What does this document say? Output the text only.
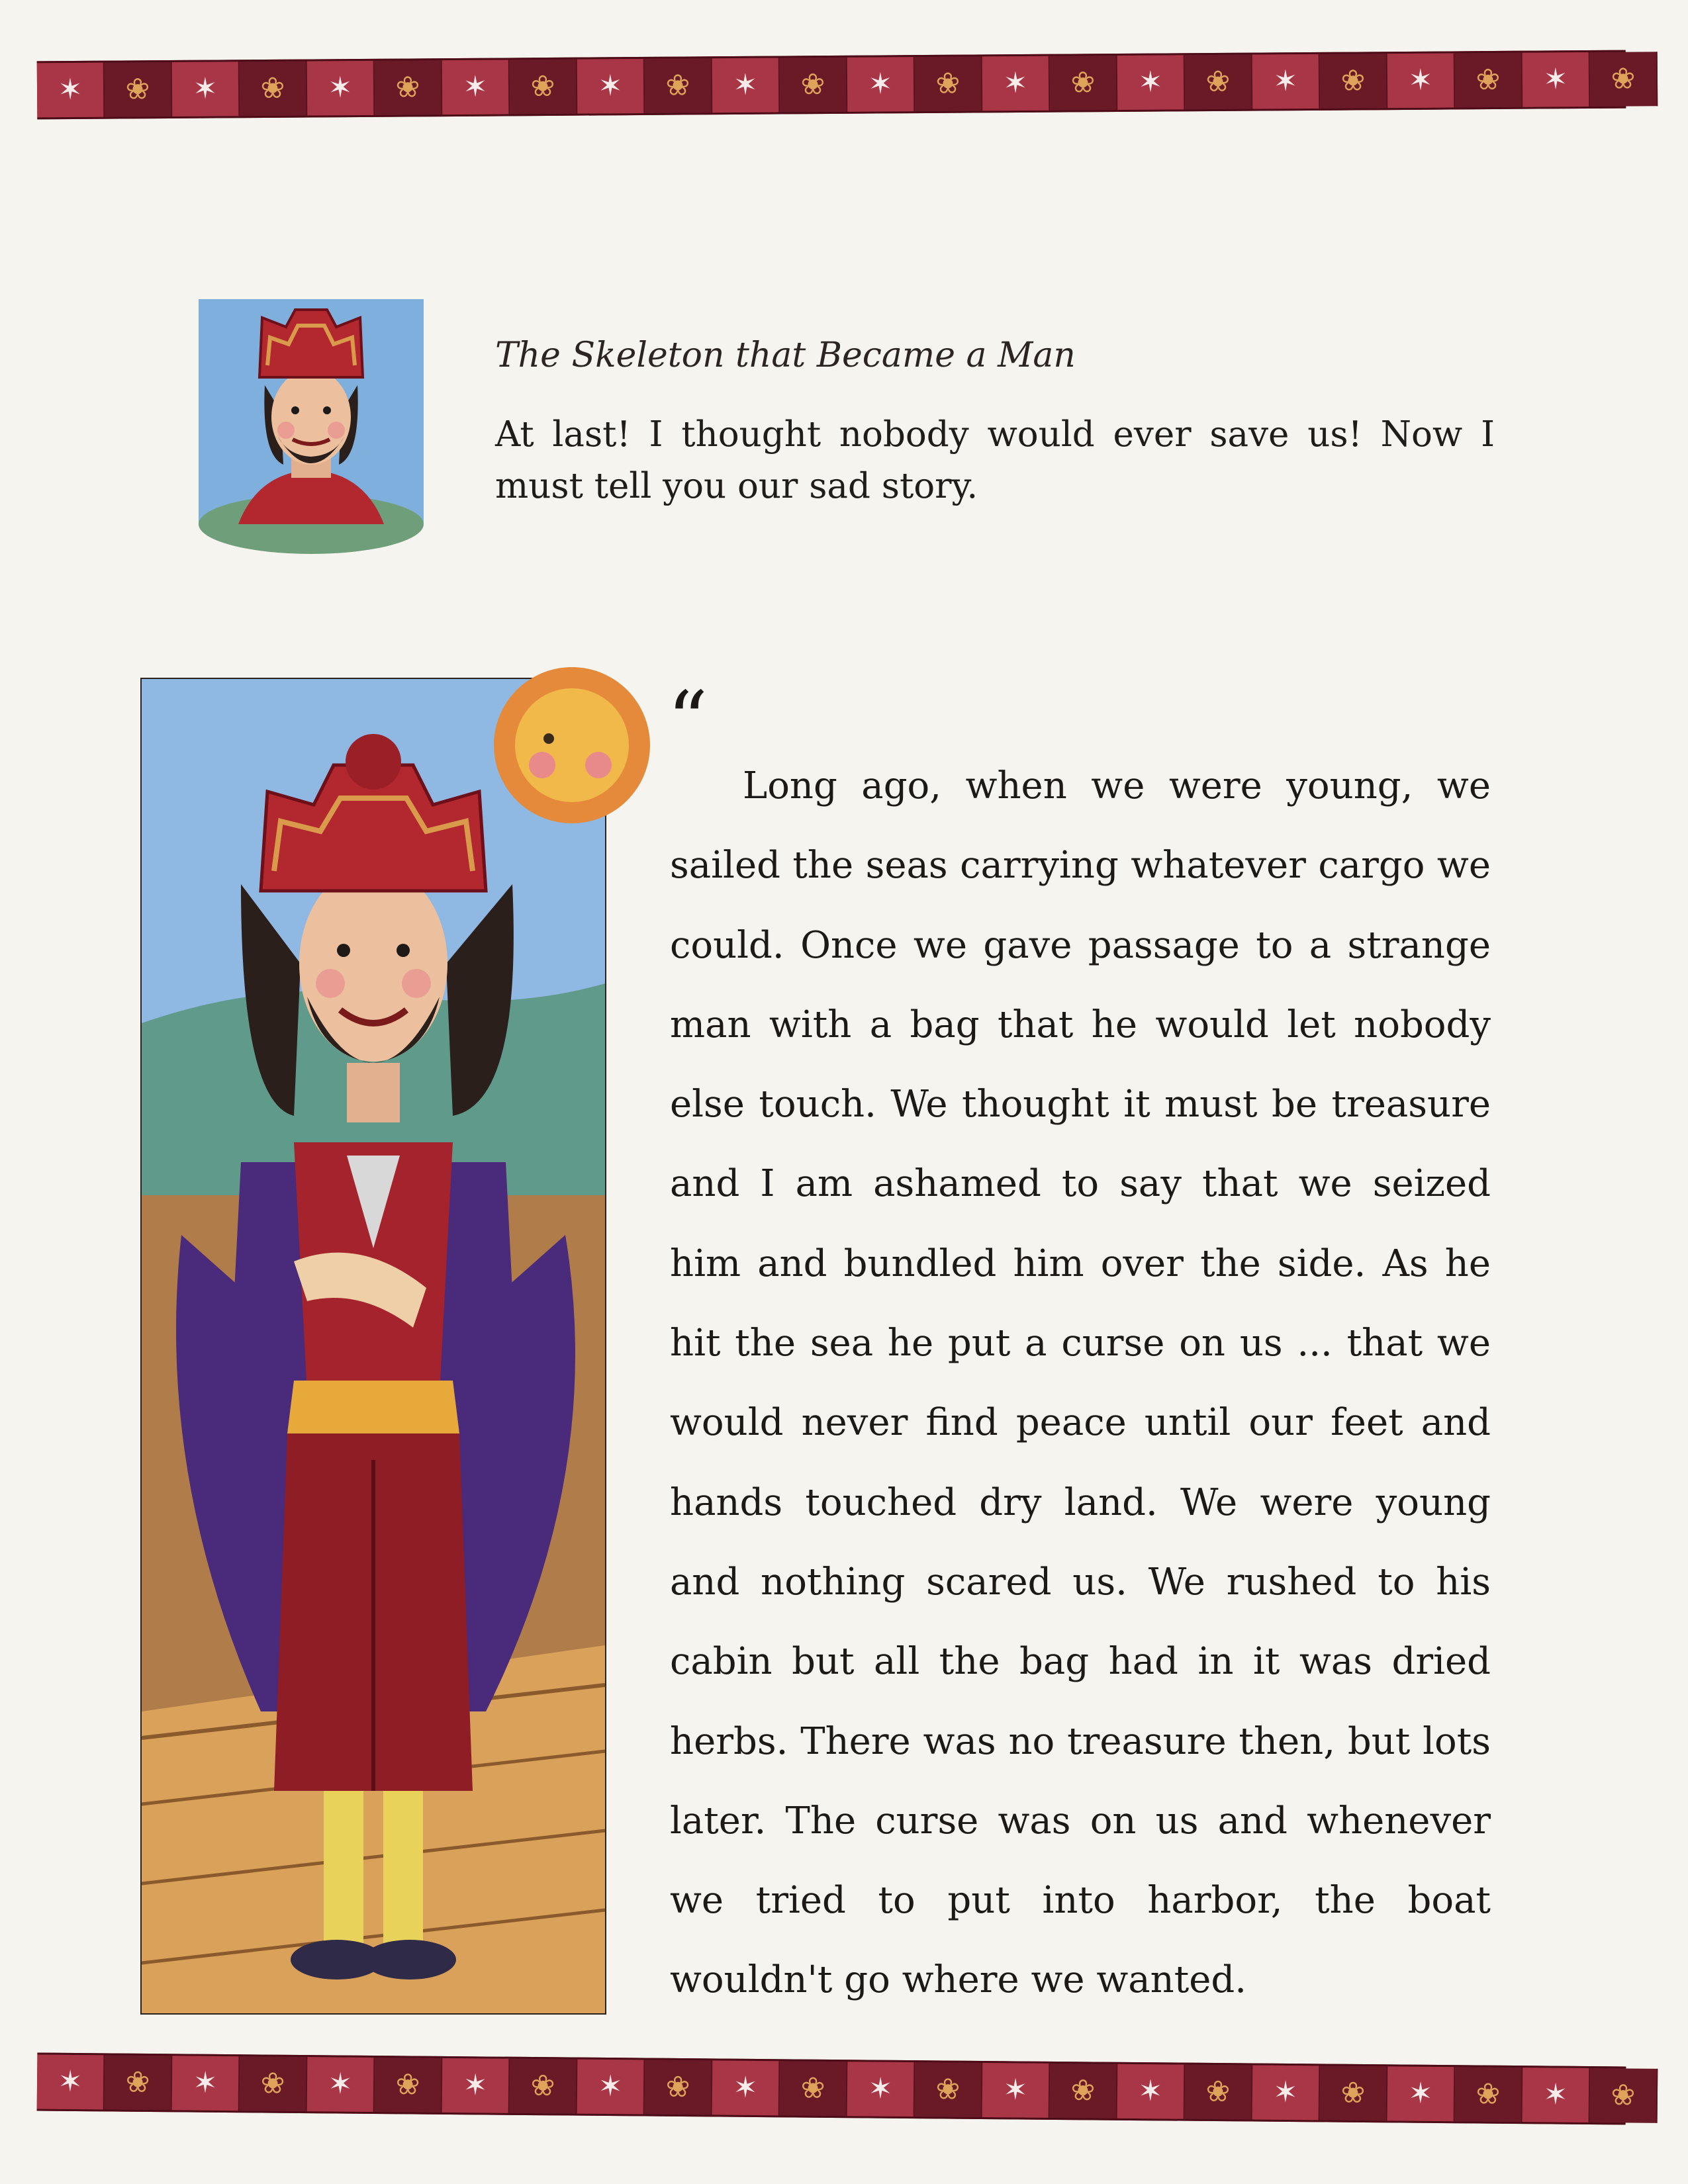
✶	❀	✶	❀	✶	❀	✶	❀	✶	❀	✶	❀	✶	❀	✶	❀	✶	❀	✶	❀	✶	❀	✶	❀

The Skeleton that Became a Man

At last! I thought nobody would ever save us! Now I must tell you our sad story.

“

Long ago, when we were young, we sailed the seas carrying whatever cargo we could. Once we gave passage to a strange man with a bag that he would let nobody else touch. We thought it must be treasure and I am ashamed to say that we seized him and bundled him over the side. As he hit the sea he put a curse on us ... that we would never find peace until our feet and hands touched dry land. We were young and nothing scared us. We rushed to his cabin but all the bag had in it was dried herbs. There was no treasure then, but lots later. The curse was on us and whenever we tried to put into harbor, the boat wouldn't go where we wanted.

✶	❀	✶	❀	✶	❀	✶	❀	✶	❀	✶	❀	✶	❀	✶	❀	✶	❀	✶	❀	✶	❀	✶	❀
